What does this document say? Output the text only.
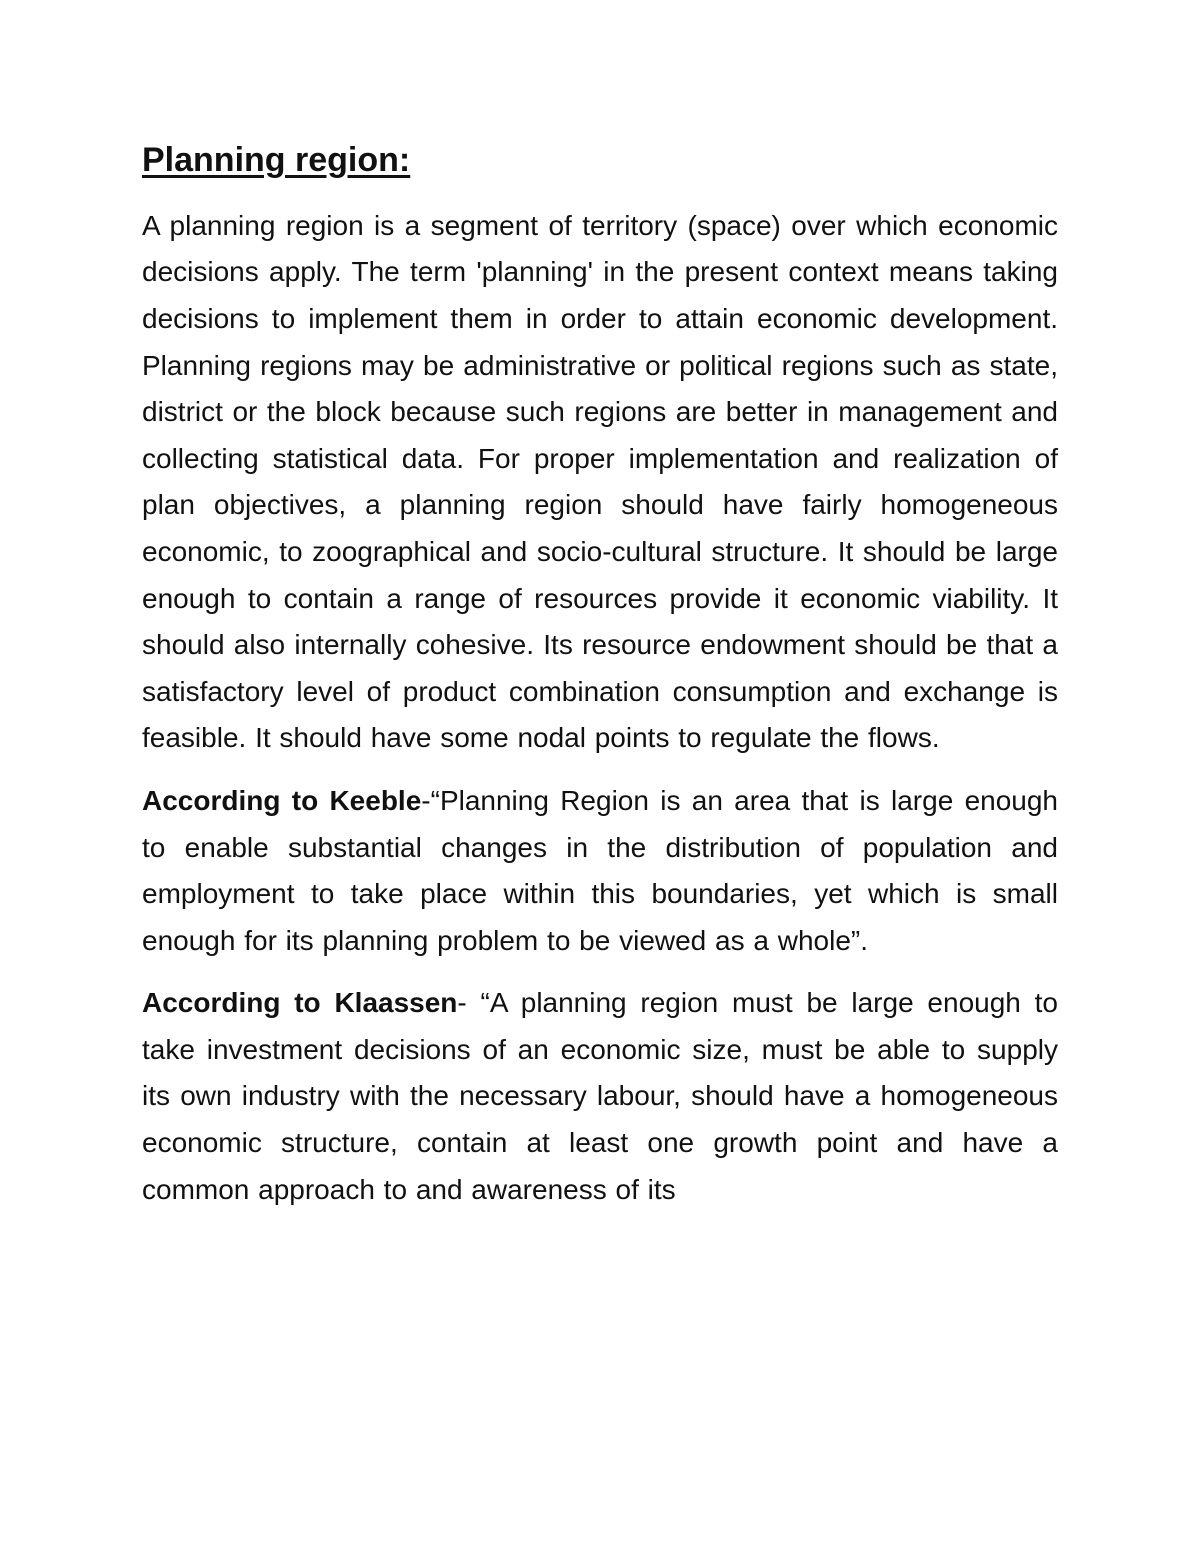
Planning region:

A planning region is a segment of territory (space) over which economic decisions apply. The term 'planning' in the present context means taking decisions to implement them in order to attain economic development. Planning regions may be administrative or political regions such as state, district or the block because such regions are better in management and collecting statistical data. For proper implementation and realization of plan objectives, a planning region should have fairly homogeneous economic, to zoographical and socio-cultural structure. It should be large enough to contain a range of resources provide it economic viability. It should also internally cohesive. Its resource endowment should be that a satisfactory level of product combination consumption and exchange is feasible. It should have some nodal points to regulate the flows.

According to Keeble-“Planning Region is an area that is large enough to enable substantial changes in the distribution of population and employment to take place within this boundaries, yet which is small enough for its planning problem to be viewed as a whole”.

According to Klaassen- “A planning region must be large enough to take investment decisions of an economic size, must be able to supply its own industry with the necessary labour, should have a homogeneous economic structure, contain at least one growth point and have a common approach to and awareness of its
